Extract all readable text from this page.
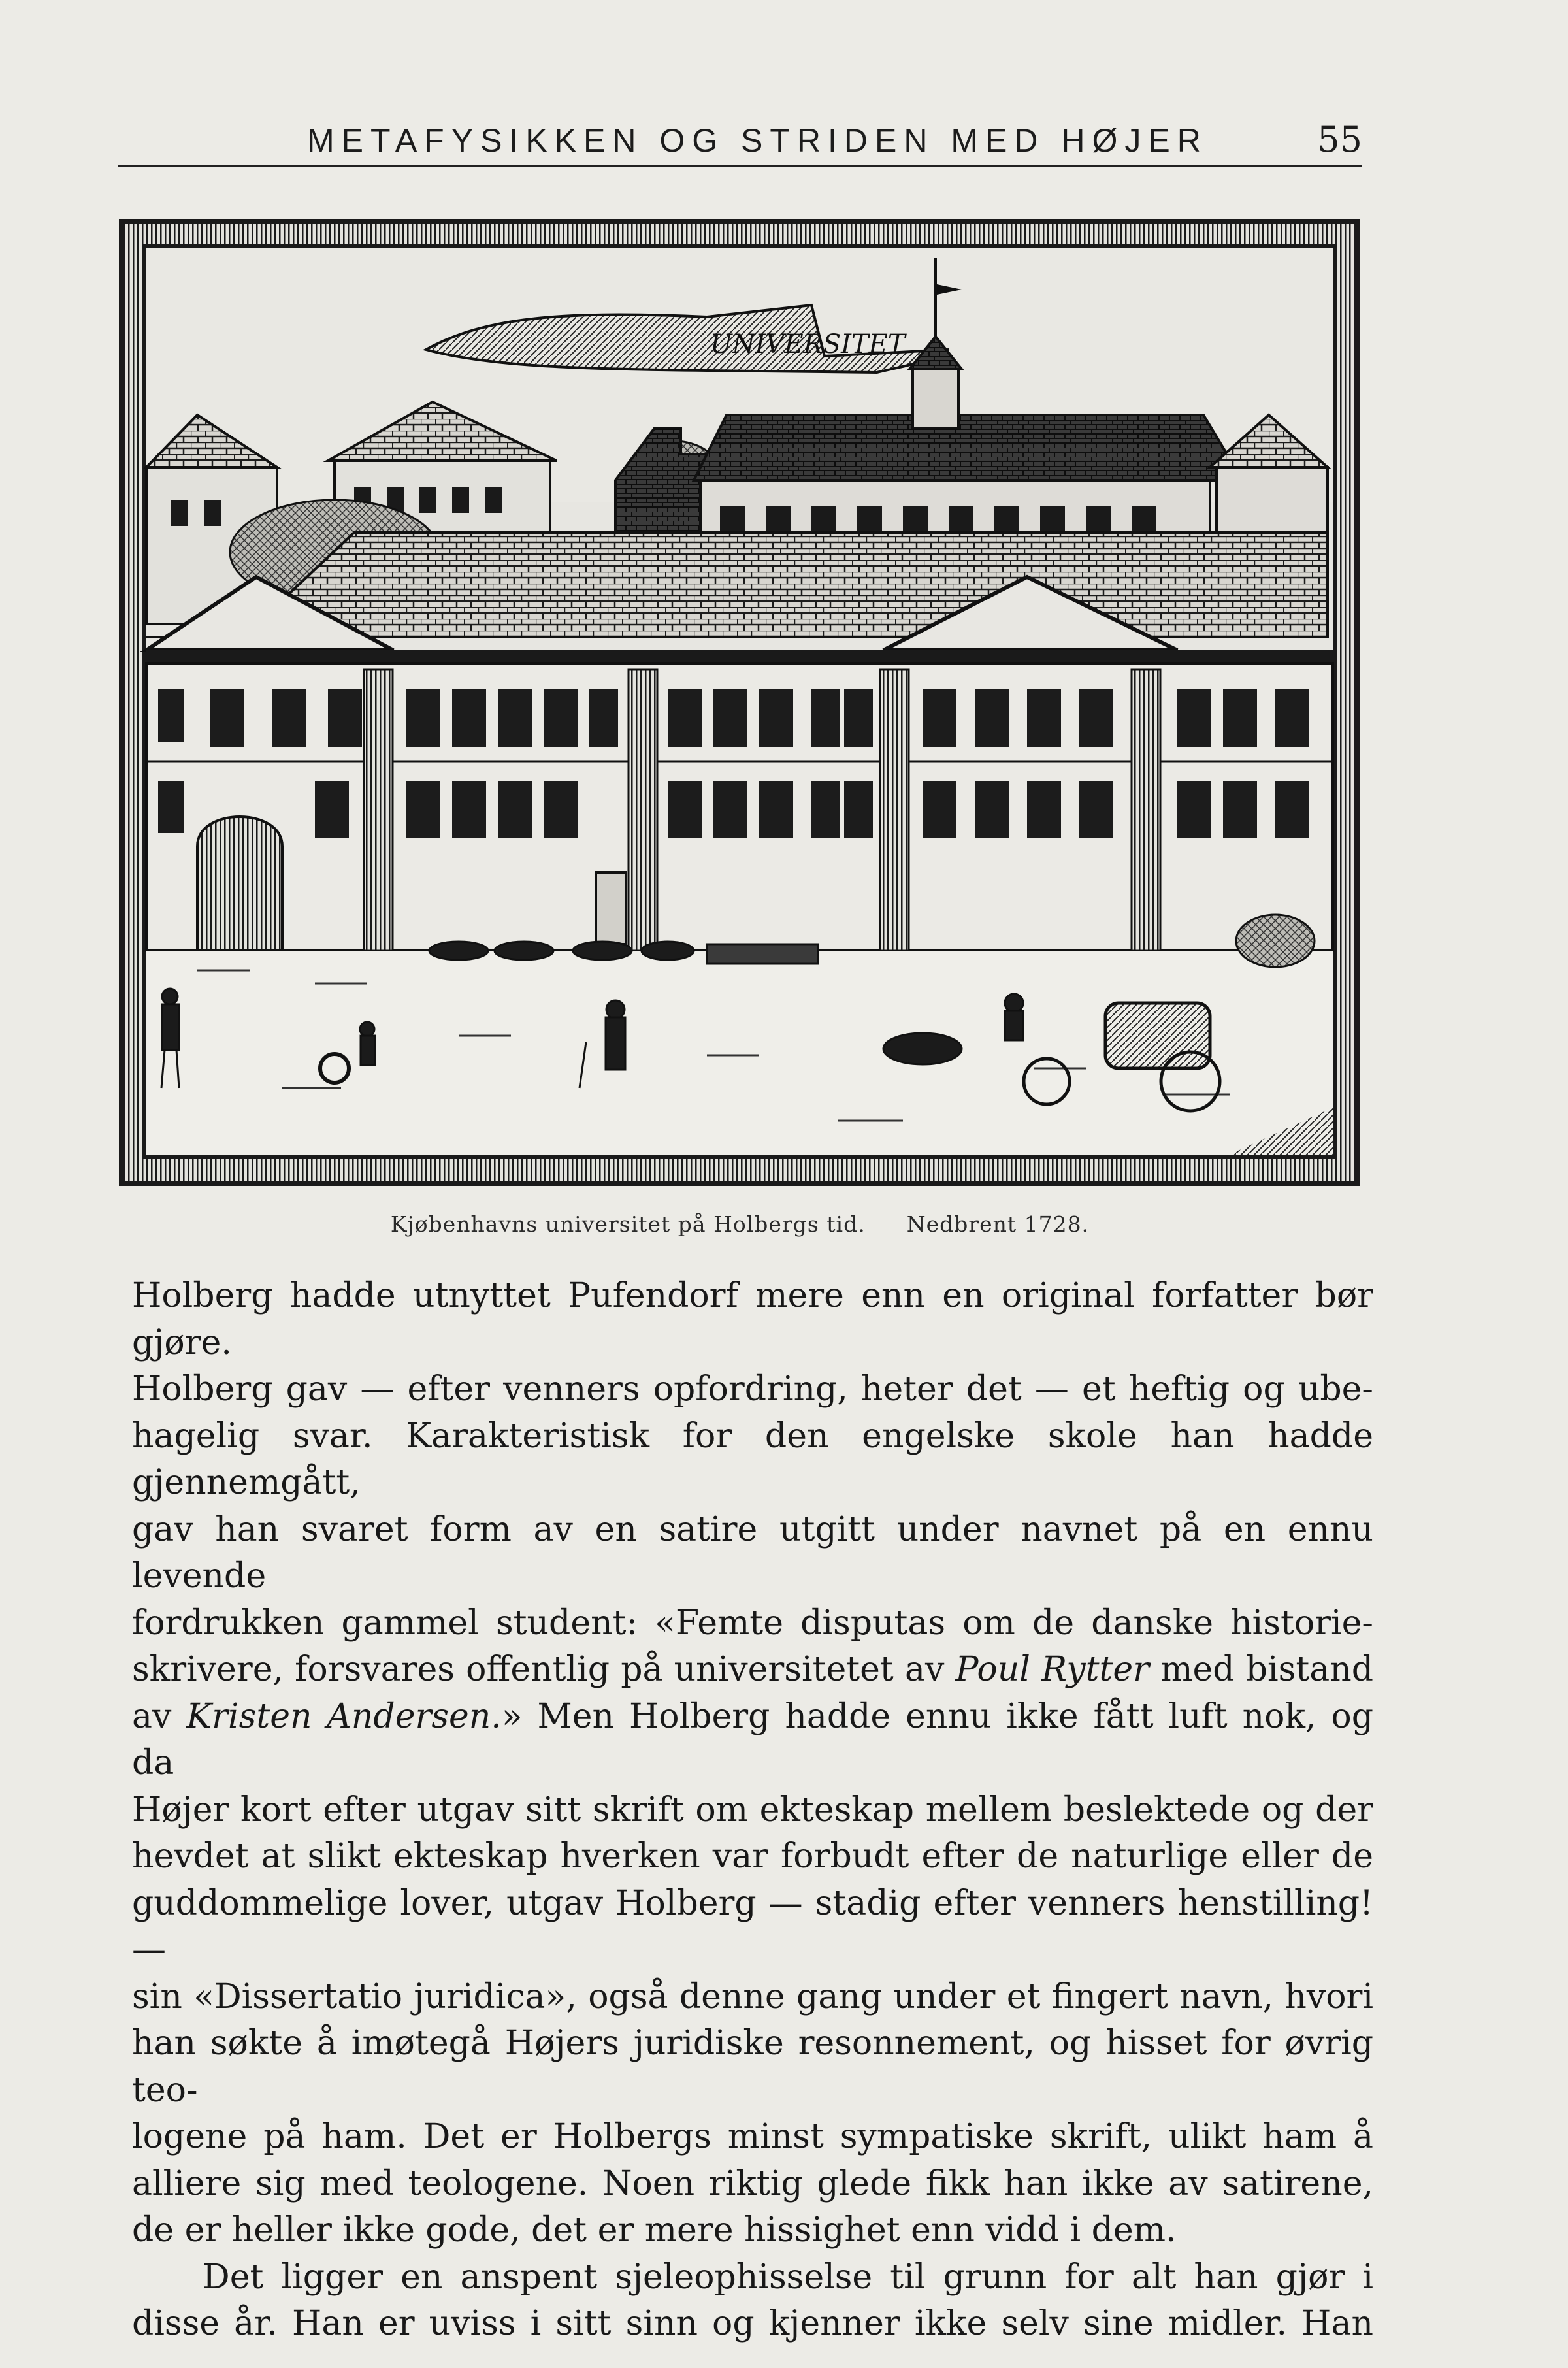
METAFYSIKKEN OG STRIDEN MED HØJER	55
UNIVERSITET
Kjøbenhavns universitet på Holbergs tid. Nedbrent 1728.

Holberg hadde utnyttet Pufendorf mere enn en original forfatter bør gjøre.
Holberg gav — efter venners opfordring, heter det — et heftig og ube-
hagelig svar. Karakteristisk for den engelske skole han hadde gjennemgått,
gav han svaret form av en satire utgitt under navnet på en ennu levende
fordrukken gammel student: «Femte disputas om de danske historie-
skrivere, forsvares offentlig på universitetet av Poul Rytter med bistand
av Kristen Andersen.» Men Holberg hadde ennu ikke fått luft nok, og da
Højer kort efter utgav sitt skrift om ekteskap mellem beslektede og der
hevdet at slikt ekteskap hverken var forbudt efter de naturlige eller de
guddommelige lover, utgav Holberg — stadig efter venners henstilling! —
sin «Dissertatio juridica», også denne gang under et fingert navn, hvori
han søkte å imøtegå Højers juridiske resonnement, og hisset for øvrig teo-
logene på ham. Det er Holbergs minst sympatiske skrift, ulikt ham å
alliere sig med teologene. Noen riktig glede fikk han ikke av satirene,
de er heller ikke gode, det er mere hissighet enn vidd i dem.

Det ligger en anspent sjeleophisselse til grunn for alt han gjør i
disse år. Han er uviss i sitt sinn og kjenner ikke selv sine midler. Han
